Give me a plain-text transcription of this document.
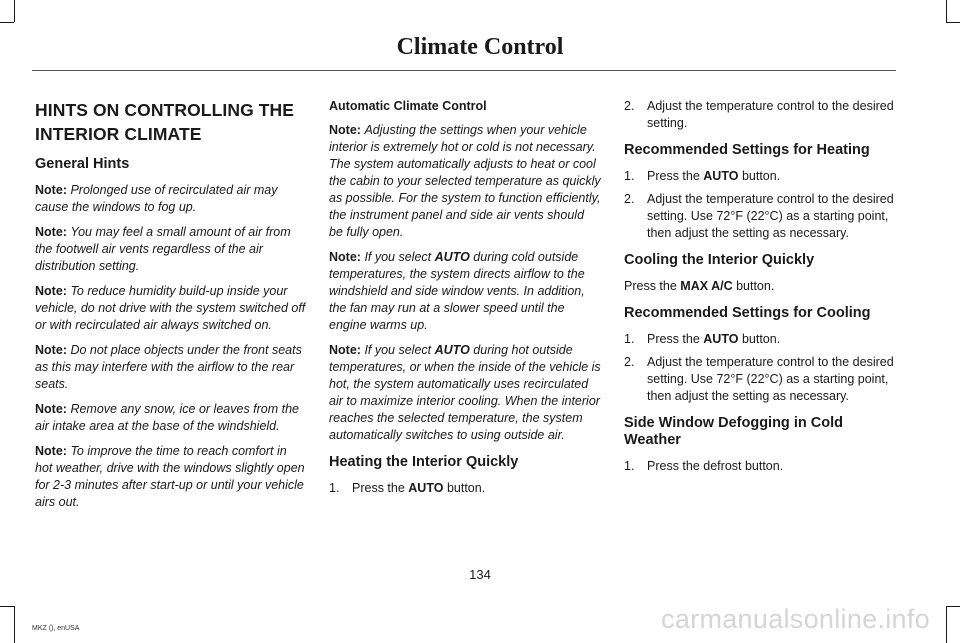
Climate Control
HINTS ON CONTROLLING THE INTERIOR CLIMATE
General Hints

Note: Prolonged use of recirculated air may cause the windows to fog up.

Note: You may feel a small amount of air from the footwell air vents regardless of the air distribution setting.

Note: To reduce humidity build-up inside your vehicle, do not drive with the system switched off or with recirculated air always switched on.

Note: Do not place objects under the front seats as this may interfere with the airflow to the rear seats.

Note: Remove any snow, ice or leaves from the air intake area at the base of the windshield.

Note: To improve the time to reach comfort in hot weather, drive with the windows slightly open for 2-3 minutes after start-up or until your vehicle airs out.

Automatic Climate Control

Note: Adjusting the settings when your vehicle interior is extremely hot or cold is not necessary. The system automatically adjusts to heat or cool the cabin to your selected temperature as quickly as possible. For the system to function efficiently, the instrument panel and side air vents should be fully open.

Note: If you select AUTO during cold outside temperatures, the system directs airflow to the windshield and side window vents. In addition, the fan may run at a slower speed until the engine warms up.

Note: If you select AUTO during hot outside temperatures, or when the inside of the vehicle is hot, the system automatically uses recirculated air to maximize interior cooling. When the interior reaches the selected temperature, the system automatically switches to using outside air.

Heating the Interior Quickly
1.	Press the AUTO button.
2.	Adjust the temperature control to the desired setting.
Recommended Settings for Heating
1.	Press the AUTO button.
2.	Adjust the temperature control to the desired setting. Use 72°F (22°C) as a starting point, then adjust the setting as necessary.
Cooling the Interior Quickly

Press the MAX A/C button.

Recommended Settings for Cooling
1.	Press the AUTO button.
2.	Adjust the temperature control to the desired setting. Use 72°F (22°C) as a starting point, then adjust the setting as necessary.
Side Window Defogging in Cold Weather
1.	Press the defrost button.
134
MKZ (), enUSA	carmanualsonline.info
